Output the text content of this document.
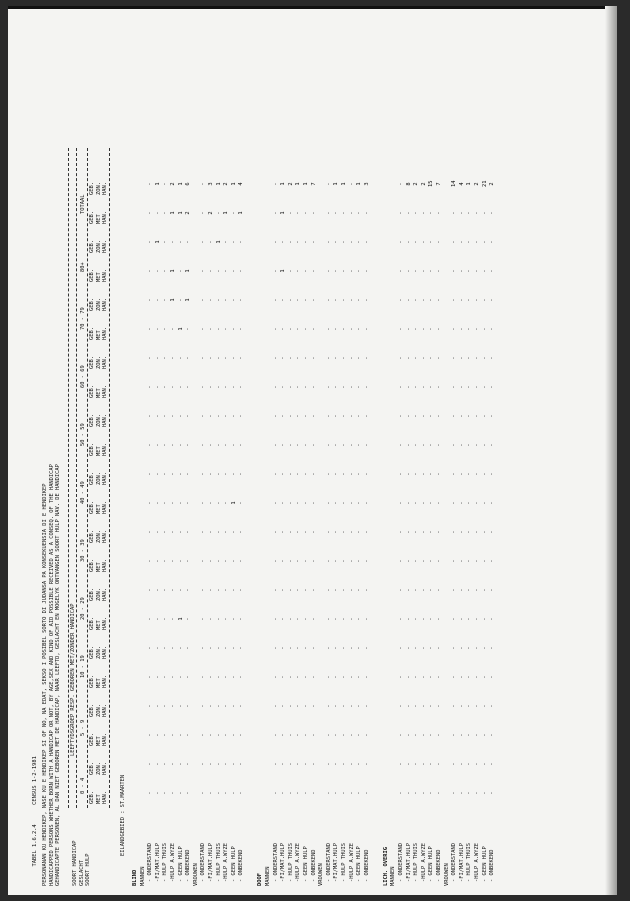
TABEL 1.6.2.4      CENSUS 1-2-1981

PERSONANAN KU HENDIKEP, NASE KU E HENDIKEP SI OF NO, NA EDAT, SEKSO I POSIBEL SORTO DI JUDANSA PA KONSEKUENSIA DI E HENDIKEP

HANDICAPPED PERSONS WHETHER BORN WITH A HANDICAP OR NOT, BY AGE,SEX AND KIND OF AID POSSIBLE RECEIVED AS A CONSEQ. OF THE HANDICAP

GEHANDICAPTE PERSONEN, AL DAN NIET GEBOREN MET DE HANDICAP, NAAR LEEFTD, GESLACHT EN MOGELYK ONTVANGEN SOORT HULP NAV. DE HANDICAP

SOORT HANDICAP

GESLACHT

SOORT HULP

LEEFTYDSGROEP RESP. GEBOREN MET/ZONDER HANDICAP

0 - 4
5 - 9
10 - 19
20 - 29
30 - 39
40 - 49
50 - 59
60 - 69
70 - 79
80+
TOTAAL

GEB.
GEB.
GEB.
GEB.
GEB.
GEB.
GEB.
GEB.
GEB.
GEB.
GEB.
GEB.
GEB.
GEB.
GEB.
GEB.
GEB.
GEB.
GEB.
GEB.
GEB.
GEB.

MET
ZON.
MET
ZON.
MET
ZON.
MET
ZON.
MET
ZON.
MET
ZON.
MET
ZON.
MET
ZON.
MET
ZON.
MET
ZON.
MET
ZON.

HAN.
HAN.
HAN.
HAN.
HAN.
HAN.
HAN.
HAN.
HAN.
HAN.
HAN.
HAN.
HAN.
HAN.
HAN.
HAN.
HAN.
HAN.
HAN.
HAN.
HAN.
HAN.

EILANDGEBIED : ST.MAARTEN

BLIND MANNEN - ONDERSTAND
-
-
-
-
-
-
-
-
-
-
-
-
-
-
-
-
-
-
-
-
-
-
-FI/MAT.HULP
-
-
-
-
-
-
-
-
-
-
-
-
-
-
-
-
-
-
-
1
-
1
- HULP THUIS
-
-
-
-
-
-
-
-
-
-
-
-
-
-
-
-
-
-
-
-
-
-
-HULP A.WYZE
-
-
-
-
-
-
-
-
-
-
-
-
-
-
-
-
-
1
1
-
1
2
- GEEN HULP
-
-
-
-
-
-
1
-
-
-
-
-
-
-
-
-
1
-
-
-
1
1
- ONBEKEND
-
-
-
-
-
-
-
-
-
-
-
-
-
-
-
-
-
1
1
-
2
6
VROUWEN - ONDERSTAND
-
-
-
-
-
-
-
-
-
-
-
-
-
-
-
-
-
-
-
-
-
-
-FI/MAT.HULP
-
-
-
-
-
-
-
-
-
-
-
-
-
-
-
-
-
-
-
-
2
3
- HULP THUIS
-
-
-
-
-
-
-
-
-
-
-
-
-
-
-
-
-
-
-
1
-
1
-HULP A.WYZE
-
-
-
-
-
-
-
-
-
-
-
-
-
-
-
-
-
-
-
-
1
2
- GEEN HULP
-
-
-
-
-
-
-
-
-
-
1
-
-
-
-
-
-
-
-
-
-
1
- ONBEKEND
-
-
-
-
-
-
-
-
-
-
-
-
-
-
-
-
-
-
-
-
1
4
DOOF MANNEN - ONDERSTAND
-
-
-
-
-
-
-
-
-
-
-
-
-
-
-
-
-
-
-
-
-
-
-FI/MAT.HULP
-
-
-
-
-
-
-
-
-
-
-
-
-
-
-
-
-
-
1
-
1
1
- HULP THUIS
-
-
-
-
-
-
-
-
-
-
-
-
-
-
-
-
-
-
-
-
-
2
-HULP A.WYZE
-
-
-
-
-
-
-
-
-
-
-
-
-
-
-
-
-
-
-
-
-
1
- GEEN HULP
-
-
-
-
-
-
-
-
-
-
-
-
-
-
-
-
-
-
-
-
-
1
- ONBEKEND
-
-
-
-
-
-
-
-
-
-
-
-
-
-
-
-
-
-
-
-
-
7
VROUWEN - ONDERSTAND
-
-
-
-
-
-
-
-
-
-
-
-
-
-
-
-
-
-
-
-
-
-
-FI/MAT.HULP
-
-
-
-
-
-
-
-
-
-
-
-
-
-
-
-
-
-
-
-
-
1
- HULP THUIS
-
-
-
-
-
-
-
-
-
-
-
-
-
-
-
-
-
-
-
-
-
1
-HULP A.WYZE
-
-
-
-
-
-
-
-
-
-
-
-
-
-
-
-
-
-
-
-
-
-
- GEEN HULP
-
-
-
-
-
-
-
-
-
-
-
-
-
-
-
-
-
-
-
-
-
1
- ONBEKEND
-
-
-
-
-
-
-
-
-
-
-
-
-
-
-
-
-
-
-
-
-
3
LICH. OVERIG MANNEN - ONDERSTAND
-
-
-
-
-
-
-
-
-
-
-
-
-
-
-
-
-
-
-
-
-
-
-FI/MAT.HULP
-
-
-
-
-
-
-
-
-
-
-
-
-
-
-
-
-
-
-
-
-
8
- HULP THUIS
-
-
-
-
-
-
-
-
-
-
-
-
-
-
-
-
-
-
-
-
-
2
-HULP A.WYZE
-
-
-
-
-
-
-
-
-
-
-
-
-
-
-
-
-
-
-
-
-
2
- GEEN HULP
-
-
-
-
-
-
-
-
-
-
-
-
-
-
-
-
-
-
-
-
-
15
- ONBEKEND
-
-
-
-
-
-
-
-
-
-
-
-
-
-
-
-
-
-
-
-
-
7
VROUWEN - ONDERSTAND
-
-
-
-
-
-
-
-
-
-
-
-
-
-
-
-
-
-
-
-
-
14
-FI/MAT.HULP
-
-
-
-
-
-
-
-
-
-
-
-
-
-
-
-
-
-
-
-
-
4
- HULP THUIS
-
-
-
-
-
-
-
-
-
-
-
-
-
-
-
-
-
-
-
-
-
1
-HULP A.WYZE
-
-
-
-
-
-
-
-
-
-
-
-
-
-
-
-
-
-
-
-
-
2
- GEEN HULP
-
-
-
-
-
-
-
-
-
-
-
-
-
-
-
-
-
-
-
-
-
21
- ONBEKEND
-
-
-
-
-
-
-
-
-
-
-
-
-
-
-
-
-
-
-
-
-
2
